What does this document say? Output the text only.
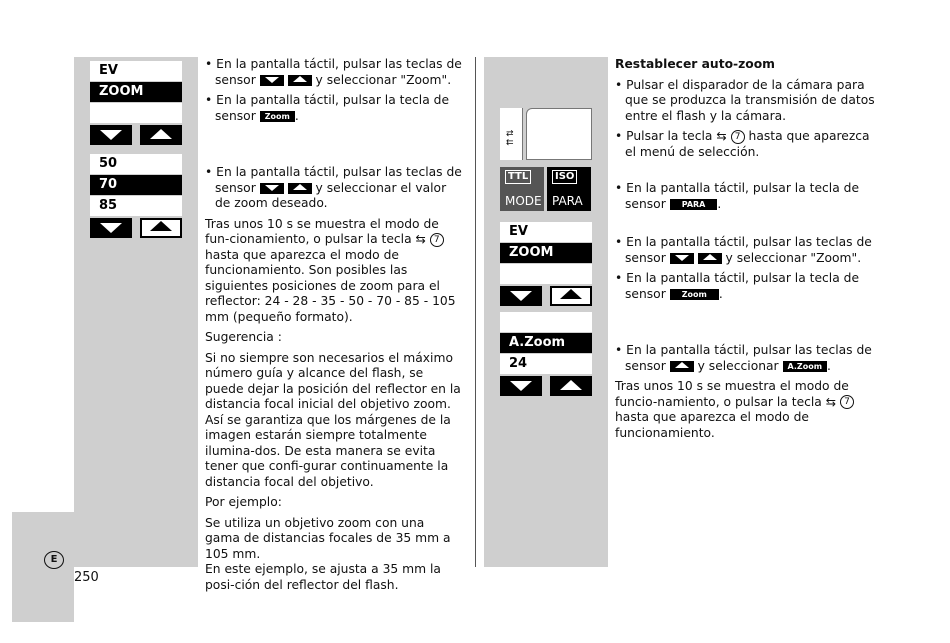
E
250
EV
ZOOM
50
70
85

• En la pantalla táctil, pulsar las teclas de sensor
	y seleccionar "Zoom".

• En la pantalla táctil, pulsar la tecla de sensor Zoom .

• En la pantalla táctil, pulsar las teclas de sensor
	y seleccionar el valor de zoom deseado.

Tras unos 10 s se muestra el modo de fun-cionamiento, o pulsar la tecla ⇆ 7 hasta que aparezca el modo de funcionamiento. Son posibles las siguientes posiciones de zoom para el reflector: 24 - 28 - 35 - 50 - 70 - 85 - 105 mm (pequeño formato).

Sugerencia :

Si no siempre son necesarios el máximo número guía y alcance del flash, se puede dejar la posición del reflector en la distancia focal inicial del objetivo zoom.

Así se garantiza que los márgenes de la imagen estarán siempre totalmente ilumina-dos. De esta manera se evita tener que confi-gurar continuamente la distancia focal del objetivo.

Por ejemplo:

Se utiliza un objetivo zoom con una gama de distancias focales de 35 mm a 105 mm.

En este ejemplo, se ajusta a 35 mm la posi-ción del reflector del flash.

⇄
⇇
TTL
MODE
ISO
PARA
EV
ZOOM
A.Zoom
24

Restablecer auto-zoom

• Pulsar el disparador de la cámara para que se produzca la transmisión de datos entre el flash y la cámara.

• Pulsar la tecla ⇆ 7 hasta que aparezca el menú de selección.

• En la pantalla táctil, pulsar la tecla de sensor PARA .

• En la pantalla táctil, pulsar las teclas de sensor
	y seleccionar "Zoom".

• En la pantalla táctil, pulsar la tecla de sensor Zoom .

• En la pantalla táctil, pulsar las teclas de sensor	y seleccionar A.Zoom .

Tras unos 10 s se muestra el modo de funcio-namiento, o pulsar la tecla ⇆ 7 hasta que aparezca el modo de funcionamiento.
